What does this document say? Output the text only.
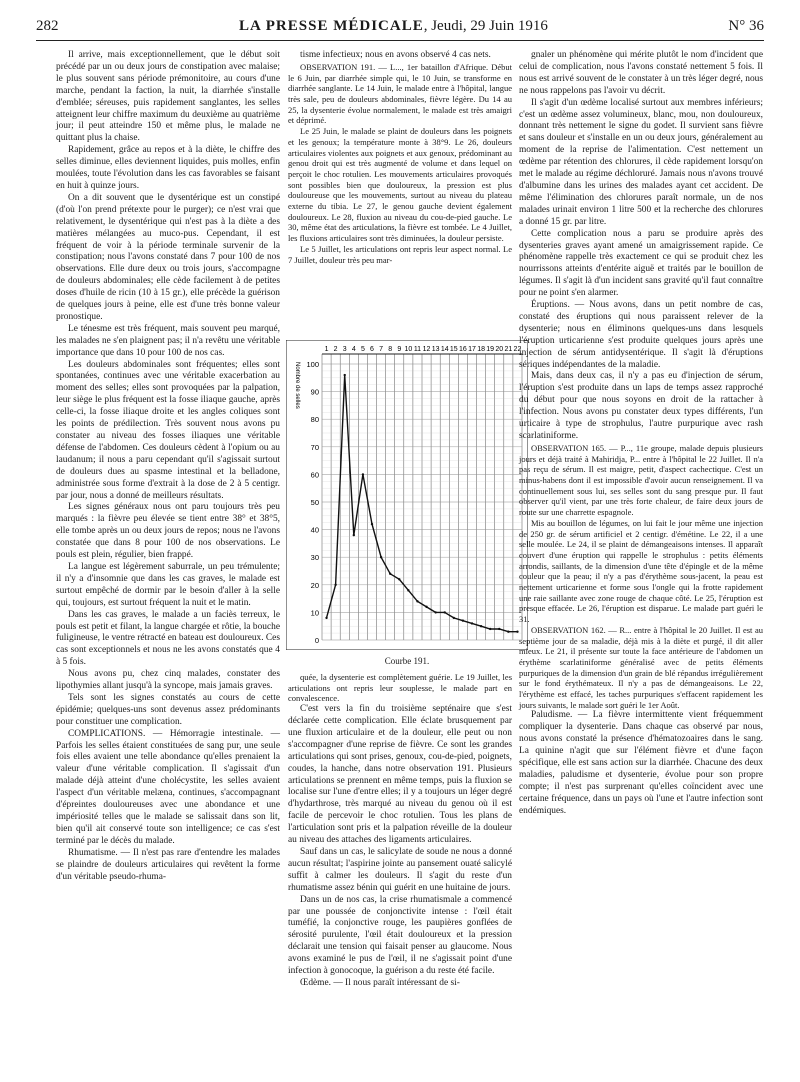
282	LA PRESSE MÉDICALE, Jeudi, 29 Juin 1916	N° 36

Il arrive, mais exceptionnellement, que le début soit précédé par un ou deux jours de constipation avec malaise; le plus souvent sans période prémonitoire, au cours d'une marche, pendant la faction, la nuit, la diarrhée s'installe d'emblée; séreuses, puis rapidement sanglantes, les selles atteignent leur chiffre maximum du deuxième au quatrième jour; il peut atteindre 150 et même plus, le malade ne quittant plus la chaise.

Rapidement, grâce au repos et à la diète, le chiffre des selles diminue, elles deviennent liquides, puis molles, enfin moulées, toute l'évolution dans les cas favorables se faisant en huit à quinze jours.

On a dit souvent que le dysentérique est un constipé (d'où l'on prend prétexte pour le purger); ce n'est vrai que relativement, le dysentérique qui n'est pas à la diète a des matières mélangées au muco-pus. Cependant, il est fréquent de voir à la période terminale survenir de la constipation; nous l'avons constaté dans 7 pour 100 de nos observations. Elle dure deux ou trois jours, s'accompagne de douleurs abdominales; elle cède facilement à de petites doses d'huile de ricin (10 à 15 gr.), elle précède la guérison de quelques jours à peine, elle est d'une très bonne valeur pronostique.

Le ténesme est très fréquent, mais souvent peu marqué, les malades ne s'en plaignent pas; il n'a revêtu une véritable importance que dans 10 pour 100 de nos cas.

Les douleurs abdominales sont fréquentes; elles sont spontanées, continues avec une véritable exacerbation au moment des selles; elles sont provoquées par la palpation, leur siège le plus fréquent est la fosse iliaque gauche, après celle-ci, la fosse iliaque droite et les angles coliques sont les points de prédilection. Très souvent nous avons pu constater au niveau des fosses iliaques une véritable défense de l'abdomen. Ces douleurs cèdent à l'opium ou au laudanum; il nous a paru cependant qu'il s'agissait surtout de douleurs dues au spasme intestinal et la belladone, administrée sous forme d'extrait à la dose de 2 à 5 centigr. par jour, nous a donné de meilleurs résultats.

Les signes généraux nous ont paru toujours très peu marqués : la fièvre peu élevée se tient entre 38° et 38°5, elle tombe après un ou deux jours de repos; nous ne l'avons constatée que dans 8 pour 100 de nos observations. Le pouls est plein, régulier, bien frappé.

La langue est légèrement saburrale, un peu trémulente; il n'y a d'insomnie que dans les cas graves, le malade est surtout empêché de dormir par le besoin d'aller à la selle qui, toujours, est surtout fréquent la nuit et le matin.

Dans les cas graves, le malade a un faciès terreux, le pouls est petit et filant, la langue chargée et rôtie, la bouche fuligineuse, le ventre rétracté en bateau est douloureux. Ces cas sont exceptionnels et nous ne les avons constatés que 4 à 5 fois.

Nous avons pu, chez cinq malades, constater des lipothymies allant jusqu'à la syncope, mais jamais graves.

Tels sont les signes constatés au cours de cette épidémie; quelques-uns sont devenus assez prédominants pour constituer une complication.

COMPLICATIONS. — Hémorragie intestinale. — Parfois les selles étaient constituées de sang pur, une seule fois elles avaient une telle abondance qu'elles prenaient la valeur d'une véritable complication. Il s'agissait d'un malade déjà atteint d'une cholécystite, les selles avaient l'aspect d'un véritable melæna, continues, s'accompagnant d'épreintes douloureuses avec une abondance et une impériosité telles que le malade se salissait dans son lit, bien qu'il ait conservé toute son intelligence; ce cas s'est terminé par le décès du malade.

Rhumatisme. — Il n'est pas rare d'entendre les malades se plaindre de douleurs articulaires qui revêtent la forme d'un véritable pseudo-rhuma-

tisme infectieux; nous en avons observé 4 cas nets.

OBSERVATION 191. — L..., 1er bataillon d'Afrique. Début le 6 Juin, par diarrhée simple qui, le 10 Juin, se transforme en diarrhée sanglante. Le 14 Juin, le malade entre à l'hôpital, langue très sale, peu de douleurs abdominales, fièvre légère. Du 14 au 25, la dysenterie évolue normalement, le malade est très amaigri et déprimé.

Le 25 Juin, le malade se plaint de douleurs dans les poignets et les genoux; la température monte à 38°9. Le 26, douleurs articulaires violentes aux poignets et aux genoux, prédominant au genou droit qui est très augmenté de volume et dans lequel on perçoit le choc rotulien. Les mouvements articulaires provoqués sont possibles bien que douloureux, la pression est plus douloureuse que les mouvements, surtout au niveau du plateau externe du tibia. Le 27, le genou gauche devient également douloureux. Le 28, fluxion au niveau du cou-de-pied gauche. Le 30, même état des articulations, la fièvre est tombée. Le 4 Juillet, les fluxions articulaires sont très diminuées, la douleur persiste.

Le 5 Juillet, les articulations ont repris leur aspect normal. Le 7 Juillet, douleur très peu mar-

1 2 3 4 5 6 7 8 9 10 11 12 13 14 15 16 17 18 19 20 21 22
0
10
20
30
40
50
60
70
80
90
100
Nombre de selles
Courbe 191.

quée, la dysenterie est complètement guérie. Le 19 Juillet, les articulations ont repris leur souplesse, le malade part en convalescence.

C'est vers la fin du troisième septénaire que s'est déclarée cette complication. Elle éclate brusquement par une fluxion articulaire et de la douleur, elle peut ou non s'accompagner d'une reprise de fièvre. Ce sont les grandes articulations qui sont prises, genoux, cou-de-pied, poignets, coudes, la hanche, dans notre observation 191. Plusieurs articulations se prennent en même temps, puis la fluxion se localise sur l'une d'entre elles; il y a toujours un léger degré d'hydarthrose, très marqué au niveau du genou où il est facile de percevoir le choc rotulien. Tous les plans de l'articulation sont pris et la palpation réveille de la douleur au niveau des attaches des ligaments articulaires.

Sauf dans un cas, le salicylate de soude ne nous a donné aucun résultat; l'aspirine jointe au pansement ouaté salicylé suffit à calmer les douleurs. Il s'agit du reste d'un rhumatisme assez bénin qui guérit en une huitaine de jours.

Dans un de nos cas, la crise rhumatismale a commencé par une poussée de conjonctivite intense : l'œil était tuméfié, la conjonctive rouge, les paupières gonflées de sérosité purulente, l'œil était douloureux et la pression déclarait une tension qui faisait penser au glaucome. Nous avons examiné le pus de l'œil, il ne s'agissait point d'une infection à gonocoque, la guérison a du reste été facile.

Œdème. — Il nous paraît intéressant de si-

gnaler un phénomène qui mérite plutôt le nom d'incident que celui de complication, nous l'avons constaté nettement 5 fois. Il nous est arrivé souvent de le constater à un très léger degré, nous ne nous rappelons pas l'avoir vu décrit.

Il s'agit d'un œdème localisé surtout aux membres inférieurs; c'est un œdème assez volumineux, blanc, mou, non douloureux, donnant très nettement le signe du godet. Il survient sans fièvre et sans douleur et s'installe en un ou deux jours, généralement au moment de la reprise de l'alimentation. C'est nettement un œdème par rétention des chlorures, il cède rapidement lorsqu'on met le malade au régime déchloruré. Jamais nous n'avons trouvé d'albumine dans les urines des malades ayant cet accident. De même l'élimination des chlorures paraît normale, un de nos malades urinait environ 1 litre 500 et la recherche des chlorures a donné 15 gr. par litre.

Cette complication nous a paru se produire après des dysenteries graves ayant amené un amaigrissement rapide. Ce phénomène rappelle très exactement ce qui se produit chez les nourrissons atteints d'entérite aiguë et traités par le bouillon de légumes. Il s'agit là d'un incident sans gravité qu'il faut connaître pour ne point s'en alarmer.

Éruptions. — Nous avons, dans un petit nombre de cas, constaté des éruptions qui nous paraissent relever de la dysenterie; nous en éliminons quelques-uns dans lesquels l'éruption urticarienne s'est produite quelques jours après une injection de sérum antidysentérique. Il s'agit là d'éruptions sériques indépendantes de la maladie.

Mais, dans deux cas, il n'y a pas eu d'injection de sérum, l'éruption s'est produite dans un laps de temps assez rapproché du début pour que nous soyons en droit de la rattacher à l'infection. Nous avons pu constater deux types différents, l'un urticaire à type de strophulus, l'autre purpurique avec rash scarlatiniforme.

OBSERVATION 165. — P..., 11e groupe, malade depuis plusieurs jours et déjà traité à Mahiridja, P... entre à l'hôpital le 22 Juillet. Il n'a pas reçu de sérum. Il est maigre, petit, d'aspect cachectique. C'est un minus-habens dont il est impossible d'avoir aucun renseignement. Il va continuellement sous lui, ses selles sont du sang presque pur. Il faut observer qu'il vient, par une très forte chaleur, de faire deux jours de route sur une charrette espagnole.

Mis au bouillon de légumes, on lui fait le jour même une injection de 250 gr. de sérum artificiel et 2 centigr. d'émétine. Le 22, il a une selle moulée. Le 24, il se plaint de démangeaisons intenses. Il apparaît couvert d'une éruption qui rappelle le strophulus : petits éléments arrondis, saillants, de la dimension d'une tête d'épingle et de la même couleur que la peau; il n'y a pas d'érythème sous-jacent, la peau est nettement urticarienne et forme sous l'ongle qui la frotte rapidement une raie saillante avec zone rouge de chaque côté. Le 25, l'éruption est presque effacée. Le 26, l'éruption est disparue. Le malade part guéri le 31.

OBSERVATION 162. — R... entre à l'hôpital le 20 Juillet. Il est au septième jour de sa maladie, déjà mis à la diète et purgé, il dit aller mieux. Le 21, il présente sur toute la face antérieure de l'abdomen un érythème scarlatiniforme généralisé avec de petits éléments purpuriques de la dimension d'un grain de blé répandus irrégulièrement sur le fond érythémateux. Il n'y a pas de démangeaisons. Le 22, l'érythème est effacé, les taches purpuriques s'effacent rapidement les jours suivants, le malade sort guéri le 1er Août.

Paludisme. — La fièvre intermittente vient fréquemment compliquer la dysenterie. Dans chaque cas observé par nous, nous avons constaté la présence d'hématozoaires dans le sang. La quinine n'agit que sur l'élément fièvre et d'une façon spécifique, elle est sans action sur la diarrhée. Chacune des deux maladies, paludisme et dysenterie, évolue pour son propre compte; il n'est pas surprenant qu'elles coïncident avec une certaine fréquence, dans un pays où l'une et l'autre infection sont endémiques.
